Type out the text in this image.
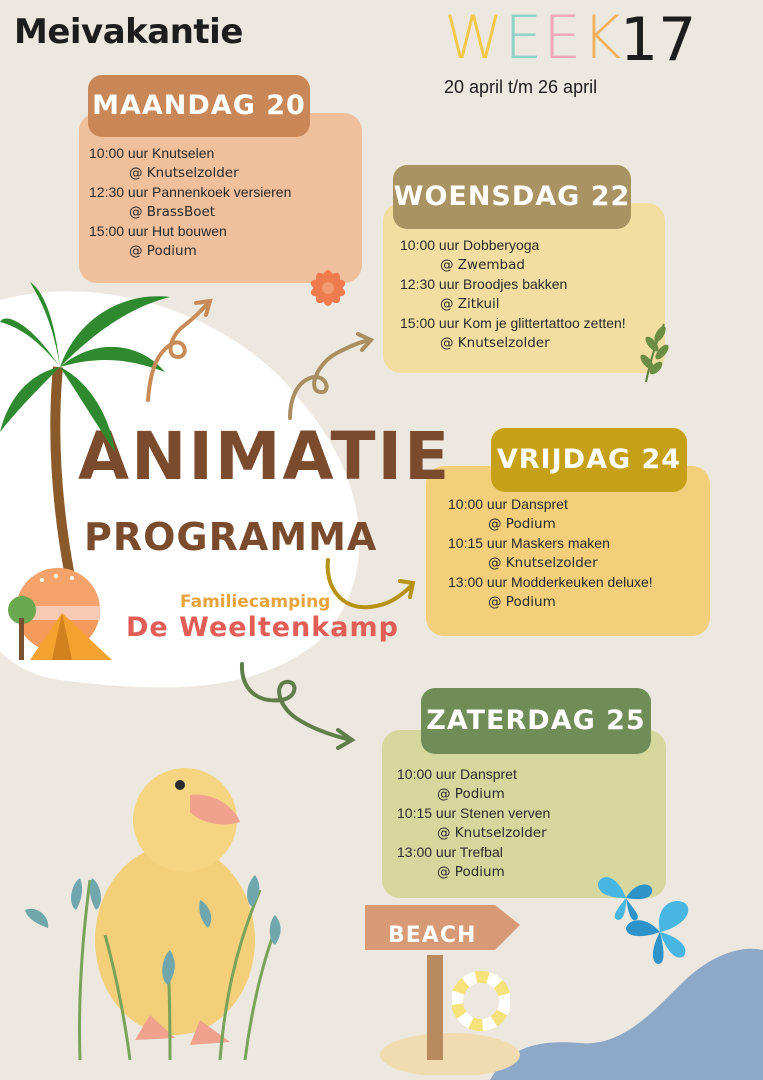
Meivakantie	WEEK
17
20 april t/m 26 april
MAANDAG 20
10:00 uur Knutselen
@ Knutselzolder
12:30 uur Pannenkoek versieren
@ BrassBoet
15:00 uur Hut bouwen
@ Podium
WOENSDAG 22
10:00 uur Dobberyoga
@ Zwembad
12:30 uur Broodjes bakken
@ Zitkuil
15:00 uur Kom je glittertattoo zetten!
@ Knutselzolder
VRIJDAG 24
10:00 uur Danspret
@ Podium
10:15 uur Maskers maken
@ Knutselzolder
13:00 uur Modderkeuken deluxe!
@ Podium
ZATERDAG 25
10:00 uur Danspret
@ Podium
10:15 uur Stenen verven
@ Knutselzolder
13:00 uur Trefbal
@ Podium
ANIMATIE
PROGRAMMA
Familiecamping
De Weeltenkamp
BEACH
